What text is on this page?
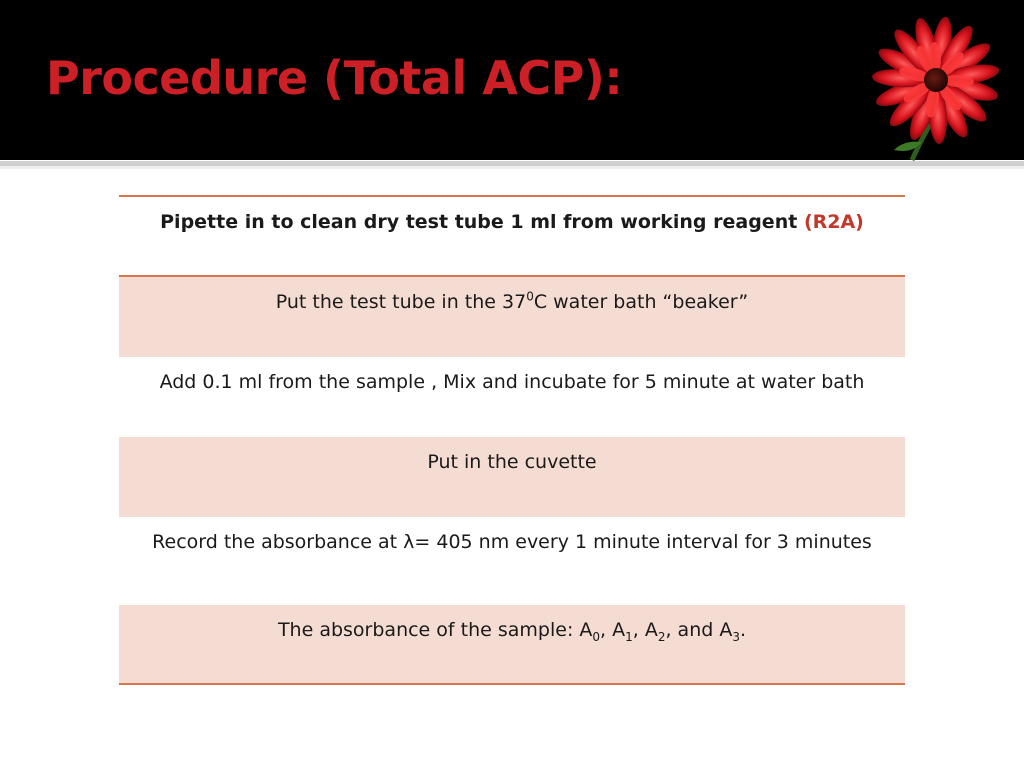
Procedure (Total ACP):
Pipette in to clean dry test tube 1 ml from working reagent (R2A)
Put the test tube in the $37^0C$ water bath “beaker”
Add 0.1 ml from the sample , Mix and incubate for 5 minute at water bath
Put in the cuvette
Record the absorbance at λ= 405 nm every 1 minute interval for 3 minutes
The absorbance of the sample: $A_0$, $A_1$, $A_2$, and $A_3$.
